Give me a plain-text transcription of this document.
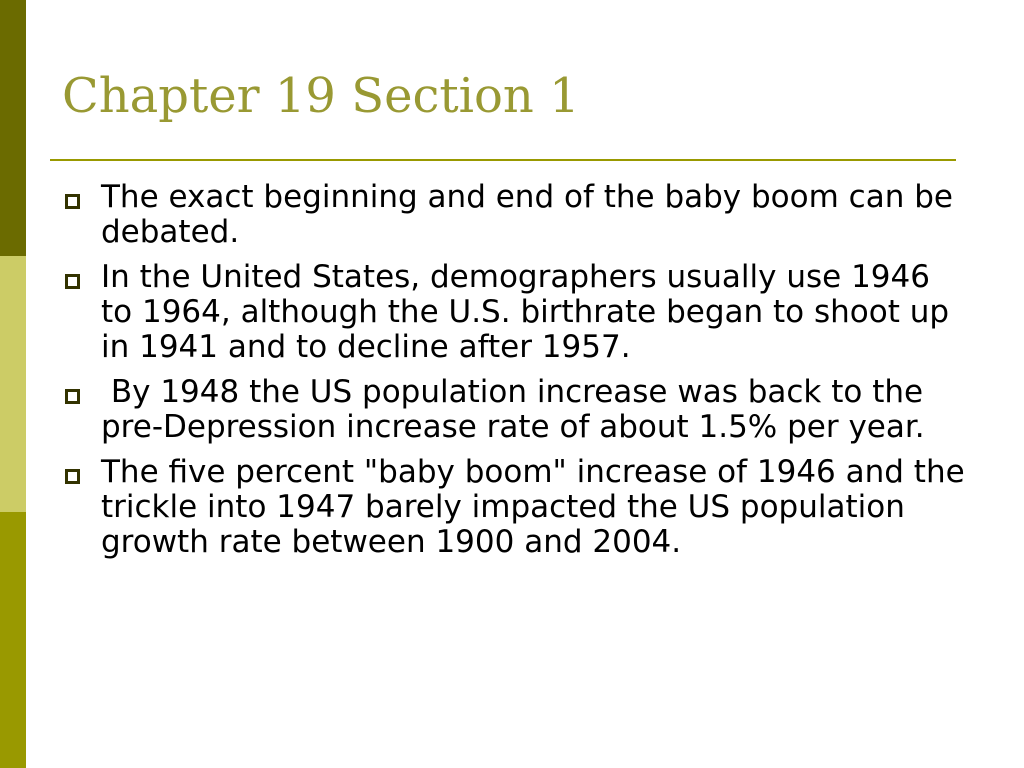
Chapter 19 Section 1
The exact beginning and end of the baby boom can be debated.
In the United States, demographers usually use 1946 to 1964, although the U.S. birthrate began to shoot up in 1941 and to decline after 1957.
By 1948 the US population increase was back to the pre-Depression increase rate of about 1.5% per year.
The five percent "baby boom" increase of 1946 and the trickle into 1947 barely impacted the US population growth rate between 1900 and 2004.
